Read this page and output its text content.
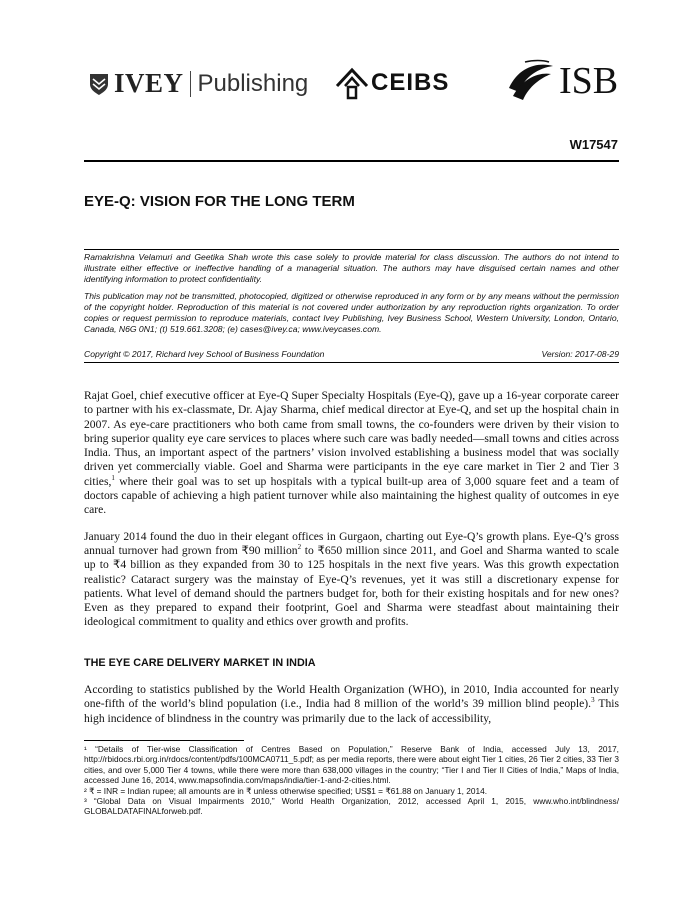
IVEY Publishing	CEIBS	ISB
W17547
EYE-Q: VISION FOR THE LONG TERM

Ramakrishna Velamuri and Geetika Shah wrote this case solely to provide material for class discussion. The authors do not intend to illustrate either effective or ineffective handling of a managerial situation. The authors may have disguised certain names and other identifying information to protect confidentiality.

This publication may not be transmitted, photocopied, digitized or otherwise reproduced in any form or by any means without the permission of the copyright holder. Reproduction of this material is not covered under authorization by any reproduction rights organization. To order copies or request permission to reproduce materials, contact Ivey Publishing, Ivey Business School, Western University, London, Ontario, Canada, N6G 0N1; (t) 519.661.3208; (e) cases@ivey.ca; www.iveycases.com.

Copyright © 2017, Richard Ivey School of Business Foundation	Version: 2017-08-29

Rajat Goel, chief executive officer at Eye-Q Super Specialty Hospitals (Eye-Q), gave up a 16-year corporate career to partner with his ex-classmate, Dr. Ajay Sharma, chief medical director at Eye-Q, and set up the hospital chain in 2007. As eye-care practitioners who both came from small towns, the co-founders were driven by their vision to bring superior quality eye care services to places where such care was badly needed—small towns and cities across India. Thus, an important aspect of the partners’ vision involved establishing a business model that was socially driven yet commercially viable. Goel and Sharma were participants in the eye care market in Tier 2 and Tier 3 cities,$^1$ where their goal was to set up hospitals with a typical built-up area of 3,000 square feet and a team of doctors capable of achieving a high patient turnover while also maintaining the highest quality of outcomes in eye care.

January 2014 found the duo in their elegant offices in Gurgaon, charting out Eye-Q’s growth plans. Eye-Q’s gross annual turnover had grown from ₹90 million$^2$ to ₹650 million since 2011, and Goel and Sharma wanted to scale up to ₹4 billion as they expanded from 30 to 125 hospitals in the next five years. Was this growth expectation realistic? Cataract surgery was the mainstay of Eye-Q’s revenues, yet it was still a discretionary expense for patients. What level of demand should the partners budget for, both for their existing hospitals and for new ones? Even as they prepared to expand their footprint, Goel and Sharma were steadfast about maintaining their ideological commitment to quality and ethics over growth and profits.

THE EYE CARE DELIVERY MARKET IN INDIA

According to statistics published by the World Health Organization (WHO), in 2010, India accounted for nearly one-fifth of the world’s blind population (i.e., India had 8 million of the world’s 39 million blind people).$^3$ This high incidence of blindness in the country was primarily due to the lack of accessibility,

¹ “Details of Tier-wise Classification of Centres Based on Population,” Reserve Bank of India, accessed July 13, 2017, http://rbidocs.rbi.org.in/rdocs/content/pdfs/100MCA0711_5.pdf; as per media reports, there were about eight Tier 1 cities, 26 Tier 2 cities, 33 Tier 3 cities, and over 5,000 Tier 4 towns, while there were more than 638,000 villages in the country; “Tier I and Tier II Cities of India,” Maps of India, accessed June 16, 2014, www.mapsofindia.com/maps/india/tier-1-and-2-cities.html.

² ₹ = INR = Indian rupee; all amounts are in ₹ unless otherwise specified; US$1 = ₹61.88 on January 1, 2014.

³ “Global Data on Visual Impairments 2010,” World Health Organization, 2012, accessed April 1, 2015, www.who.int/blindness/ GLOBALDATAFINALforweb.pdf.
